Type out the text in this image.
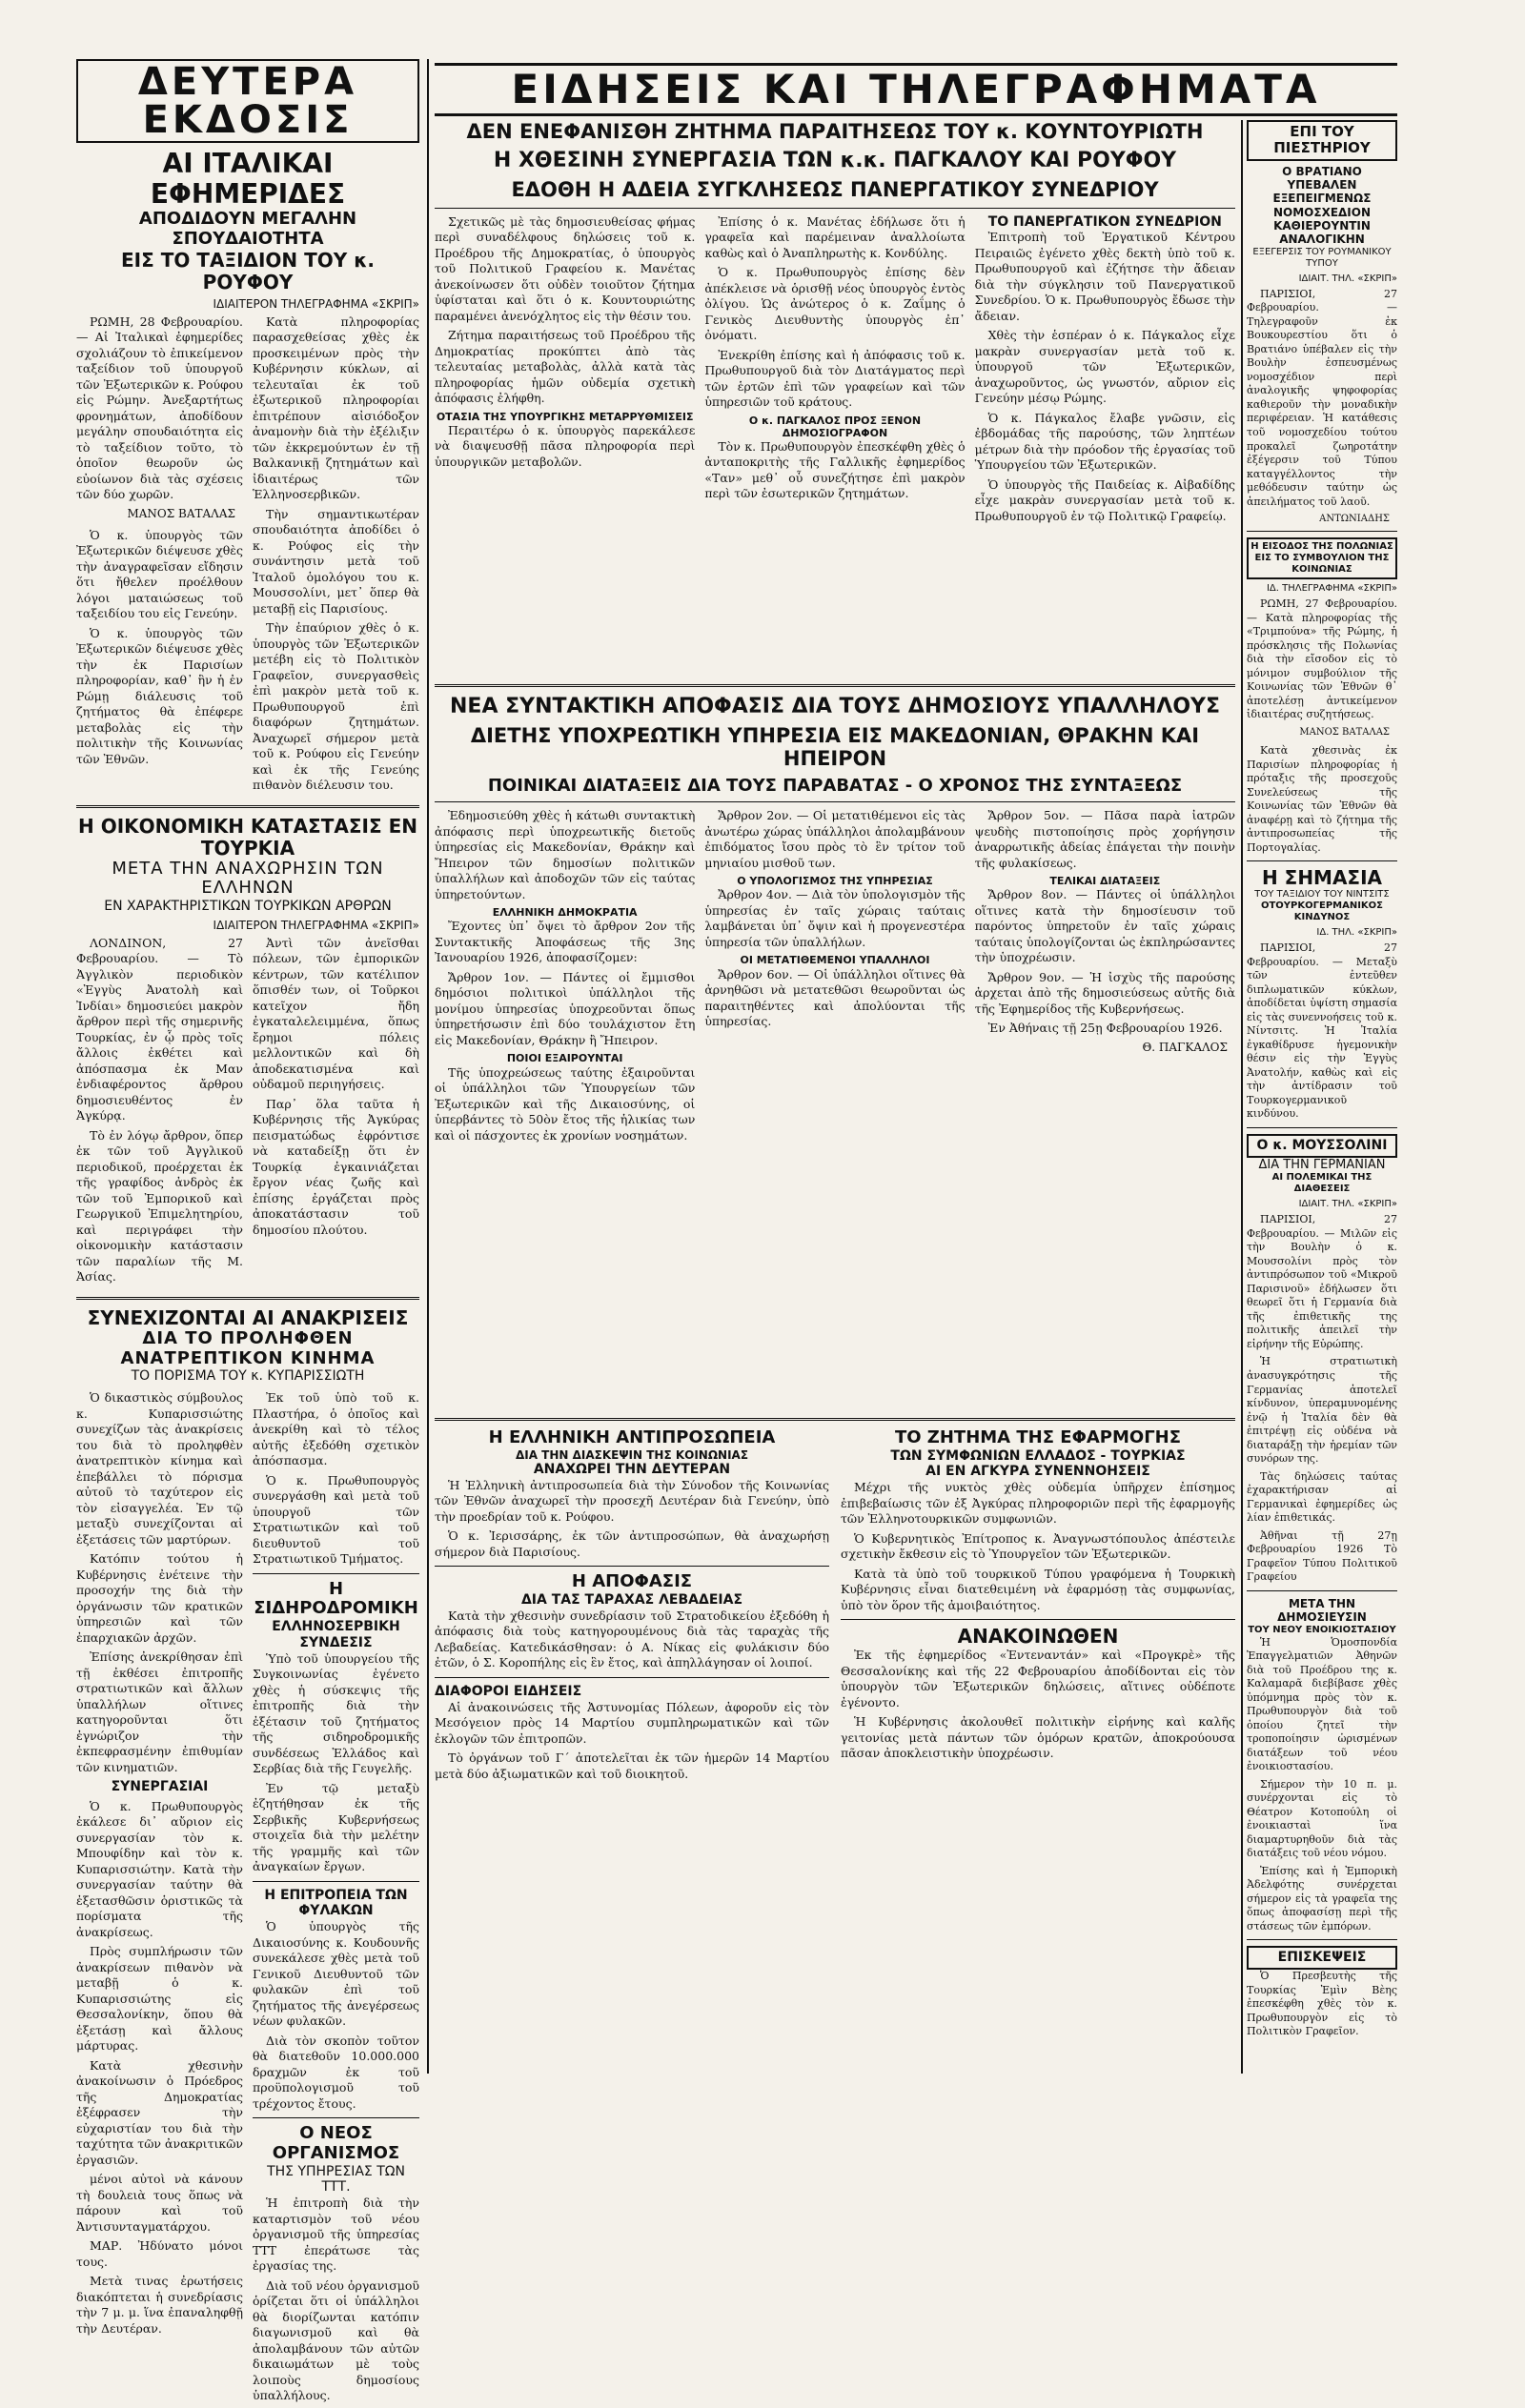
ΔΕΥΤΕΡΑ ΕΚΔΟΣΙΣ
ΑΙ ΙΤΑΛΙΚΑΙ ΕΦΗΜΕΡΙΔΕΣ
ΑΠΟΔΙΔΟΥΝ ΜΕΓΑΛΗΝ ΣΠΟΥΔΑΙΟΤΗΤΑ
ΕΙΣ ΤΟ ΤΑΞΙΔΙΟΝ ΤΟΥ κ. ΡΟΥΦΟΥ
ΙΔΙΑΙΤΕΡΟΝ ΤΗΛΕΓΡΑΦΗΜΑ «ΣΚΡΙΠ»

ΡΩΜΗ, 28 Φεβρουαρίου. — Αἱ Ἰταλικαὶ ἐφημερίδες σχολιάζουν τὸ ἐπικείμενον ταξείδιον τοῦ ὑπουργοῦ τῶν Ἐξωτερικῶν κ. Ρούφου εἰς Ρώμην. Ἀνεξαρτήτως φρονημάτων, ἀποδίδουν μεγάλην σπουδαιότητα εἰς τὸ ταξείδιον τοῦτο, τὸ ὁποῖον θεωροῦν ὡς εὐοίωνον διὰ τὰς σχέσεις τῶν δύο χωρῶν.

ΜΑΝΟΣ ΒΑΤΑΛΑΣ

Ὁ κ. ὑπουργὸς τῶν Ἐξωτερικῶν διέψευσε χθὲς τὴν ἀναγραφεῖσαν εἴδησιν ὅτι ἤθελεν προέλθουν λόγοι ματαιώσεως τοῦ ταξειδίου του εἰς Γενεύην.

Ὁ κ. ὑπουργὸς τῶν Ἐξωτερικῶν διέψευσε χθὲς τὴν ἐκ Παρισίων πληροφορίαν, καθ᾽ ἣν ἡ ἐν Ρώμῃ διάλευσις τοῦ ζητήματος θὰ ἐπέφερε μεταβολὰς εἰς τὴν πολιτικὴν τῆς Κοινωνίας τῶν Ἐθνῶν.

Κατὰ πληροφορίας παρασχεθείσας χθὲς ἐκ προσκειμένων πρὸς τὴν Κυβέρνησιν κύκλων, αἱ τελευταῖαι ἐκ τοῦ ἐξωτερικοῦ πληροφορίαι ἐπιτρέπουν αἰσιόδοξον ἀναμονὴν διὰ τὴν ἐξέλιξιν τῶν ἐκκρεμούντων ἐν τῇ Βαλκανικῇ ζητημάτων καὶ ἰδιαιτέρως τῶν Ἑλληνοσερβικῶν.

Τὴν σημαντικωτέραν σπουδαιότητα ἀποδίδει ὁ κ. Ρούφος εἰς τὴν συνάντησιν μετὰ τοῦ Ἰταλοῦ ὁμολόγου του κ. Μουσσολίνι, μετ᾽ ὅπερ θὰ μεταβῇ εἰς Παρισίους.

Τὴν ἑπαύριον χθὲς ὁ κ. ὑπουργὸς τῶν Ἐξωτερικῶν μετέβη εἰς τὸ Πολιτικὸν Γραφεῖον, συνεργασθεὶς ἐπὶ μακρὸν μετὰ τοῦ κ. Πρωθυπουργοῦ ἐπὶ διαφόρων ζητημάτων. Ἀναχωρεῖ σήμερον μετὰ τοῦ κ. Ρούφου εἰς Γενεύην καὶ ἐκ τῆς Γενεύης πιθανὸν διέλευσιν του.

Η ΟΙΚΟΝΟΜΙΚΗ ΚΑΤΑΣΤΑΣΙΣ ΕΝ ΤΟΥΡΚΙΑ
ΜΕΤΑ ΤΗΝ ΑΝΑΧΩΡΗΣΙΝ ΤΩΝ ΕΛΛΗΝΩΝ
ΕΝ ΧΑΡΑΚΤΗΡΙΣΤΙΚΩΝ ΤΟΥΡΚΙΚΩΝ ΑΡΘΡΩΝ
ΙΔΙΑΙΤΕΡΟΝ ΤΗΛΕΓΡΑΦΗΜΑ «ΣΚΡΙΠ»

ΛΟΝΔΙΝΟΝ, 27 Φεβρουαρίου. — Τὸ Ἀγγλικὸν περιοδικὸν «Ἐγγὺς Ἀνατολὴ καὶ Ἰνδίαι» δημοσιεύει μακρὸν ἄρθρον περὶ τῆς σημερινῆς Τουρκίας, ἐν ᾧ πρὸς τοῖς ἄλλοις ἐκθέτει καὶ ἀπόσπασμα ἐκ Μαν ἐνδιαφέροντος ἄρθρου δημοσιευθέντος ἐν Ἀγκύρᾳ.

Τὸ ἐν λόγῳ ἄρθρον, ὅπερ ἐκ τῶν τοῦ Ἀγγλικοῦ περιοδικοῦ, προέρχεται ἐκ τῆς γραφίδος ἀνδρὸς ἐκ τῶν τοῦ Ἐμπορικοῦ καὶ Γεωργικοῦ Ἐπιμελητηρίου, καὶ περιγράφει τὴν οἰκονομικὴν κατάστασιν τῶν παραλίων τῆς Μ. Ἀσίας.

Ἀντὶ τῶν ἀνεῖσθαι πόλεων, τῶν ἐμπορικῶν κέντρων, τῶν κατέλιπον ὅπισθέν των, οἱ Τοῦρκοι κατεῖχον ἤδη ἐγκαταλελειμμένα, ὅπως ἔρημοι πόλεις μελλοντικῶν καὶ δὴ ἀποδεκατισμένα καὶ οὐδαμοῦ περιηγήσεις.

Παρ᾽ ὅλα ταῦτα ἡ Κυβέρνησις τῆς Ἀγκύρας πεισματώδως ἐφρόντισε νὰ καταδείξῃ ὅτι ἐν Τουρκίᾳ ἐγκαινιάζεται ἔργον νέας ζωῆς καὶ ἐπίσης ἐργάζεται πρὸς ἀποκατάστασιν τοῦ δημοσίου πλούτου.

ΣΥΝΕΧΙΖΟΝΤΑΙ ΑΙ ΑΝΑΚΡΙΣΕΙΣ
ΔΙΑ ΤΟ ΠΡΟΛΗΦΘΕΝ ΑΝΑΤΡΕΠΤΙΚΟΝ ΚΙΝΗΜΑ
ΤΟ ΠΟΡΙΣΜΑ ΤΟΥ κ. ΚΥΠΑΡΙΣΣΙΩΤΗ

Ὁ δικαστικὸς σύμβουλος κ. Κυπαρισσιώτης συνεχίζων τὰς ἀνακρίσεις του διὰ τὸ προληφθὲν ἀνατρεπτικὸν κίνημα καὶ ἐπεβάλλει τὸ πόρισμα αὐτοῦ τὸ ταχύτερον εἰς τὸν εἰσαγγελέα. Ἐν τῷ μεταξὺ συνεχίζονται αἱ ἐξετάσεις τῶν μαρτύρων.

Κατόπιν τούτου ἡ Κυβέρνησις ἐνέτεινε τὴν προσοχήν της διὰ τὴν ὀργάνωσιν τῶν κρατικῶν ὑπηρεσιῶν καὶ τῶν ἐπαρχιακῶν ἀρχῶν.

Ἐπίσης ἀνεκρίθησαν ἐπὶ τῇ ἐκθέσει ἐπιτροπῆς στρατιωτικῶν καὶ ἄλλων ὑπαλλήλων οἵτινες κατηγοροῦνται ὅτι ἐγνώριζον τὴν ἐκπεφρασμένην ἐπιθυμίαν τῶν κινηματιῶν.

ΣΥΝΕΡΓΑΣΙΑΙ

Ὁ κ. Πρωθυπουργὸς ἐκάλεσε δι᾽ αὔριον εἰς συνεργασίαν τὸν κ. Μπουφίδην καὶ τὸν κ. Κυπαρισσιώτην. Κατὰ τὴν συνεργασίαν ταύτην θὰ ἐξετασθῶσιν ὁριστικῶς τὰ πορίσματα τῆς ἀνακρίσεως.

Πρὸς συμπλήρωσιν τῶν ἀνακρίσεων πιθανὸν νὰ μεταβῇ ὁ κ. Κυπαρισσιώτης εἰς Θεσσαλονίκην, ὅπου θὰ ἐξετάσῃ καὶ ἄλλους μάρτυρας.

Κατὰ χθεσινὴν ἀνακοίνωσιν ὁ Πρόεδρος τῆς Δημοκρατίας ἐξέφρασεν τὴν εὐχαριστίαν του διὰ τὴν ταχύτητα τῶν ἀνακριτικῶν ἐργασιῶν.

μένοι αὐτοὶ νὰ κάνουν τὴ δουλειὰ τους ὅπως νὰ πάρουν καὶ τοῦ Ἀντισυνταγματάρχου.

ΜΑΡ. Ἠδύνατο μόνοι τους.

Μετὰ τινας ἐρωτήσεις διακόπτεται ἡ συνεδρίασις τὴν 7 μ. μ. ἵνα ἐπαναληφθῇ τὴν Δευτέραν.

Ἐκ τοῦ ὑπὸ τοῦ κ. Πλαστήρα, ὁ ὁποῖος καὶ ἀνεκρίθη καὶ τὸ τέλος αὐτῆς ἐξεδόθη σχετικὸν ἀπόσπασμα.

Ὁ κ. Πρωθυπουργὸς συνεργάσθη καὶ μετὰ τοῦ ὑπουργοῦ τῶν Στρατιωτικῶν καὶ τοῦ διευθυντοῦ τοῦ Στρατιωτικοῦ Τμήματος.

Η ΣΙΔΗΡΟΔΡΟΜΙΚΗ
ΕΛΛΗΝΟΣΕΡΒΙΚΗ ΣΥΝΔΕΣΙΣ

Ὑπὸ τοῦ ὑπουργείου τῆς Συγκοινωνίας ἐγένετο χθὲς ἡ σύσκεψις τῆς ἐπιτροπῆς διὰ τὴν ἐξέτασιν τοῦ ζητήματος τῆς σιδηροδρομικῆς συνδέσεως Ἑλλάδος καὶ Σερβίας διὰ τῆς Γευγελῆς.

Ἐν τῷ μεταξὺ ἐζητήθησαν ἐκ τῆς Σερβικῆς Κυβερνήσεως στοιχεῖα διὰ τὴν μελέτην τῆς γραμμῆς καὶ τῶν ἀναγκαίων ἔργων.

Η ΕΠΙΤΡΟΠΕΙΑ ΤΩΝ ΦΥΛΑΚΩΝ

Ὁ ὑπουργὸς τῆς Δικαιοσύνης κ. Κουδουνῆς συνεκάλεσε χθὲς μετὰ τοῦ Γενικοῦ Διευθυντοῦ τῶν φυλακῶν ἐπὶ τοῦ ζητήματος τῆς ἀνεγέρσεως νέων φυλακῶν.

Διὰ τὸν σκοπὸν τοῦτον θὰ διατεθοῦν 10.000.000 δραχμῶν ἐκ τοῦ προϋπολογισμοῦ τοῦ τρέχοντος ἔτους.

Ο ΝΕΟΣ ΟΡΓΑΝΙΣΜΟΣ
ΤΗΣ ΥΠΗΡΕΣΙΑΣ ΤΩΝ ΤΤΤ.

Ἡ ἐπιτροπὴ διὰ τὴν καταρτισμὸν τοῦ νέου ὀργανισμοῦ τῆς ὑπηρεσίας ΤΤΤ ἐπεράτωσε τὰς ἐργασίας της.

Διὰ τοῦ νέου ὀργανισμοῦ ὁρίζεται ὅτι οἱ ὑπάλληλοι θὰ διορίζωνται κατόπιν διαγωνισμοῦ καὶ θὰ ἀπολαμβάνουν τῶν αὐτῶν δικαιωμάτων μὲ τοὺς λοιποὺς δημοσίους ὑπαλλήλους.

ΕΙΔΗΣΕΙΣ ΚΑΙ ΤΗΛΕΓΡΑΦΗΜΑΤΑ
ΔΕΝ ΕΝΕΦΑΝΙΣΘΗ ΖΗΤΗΜΑ ΠΑΡΑΙΤΗΣΕΩΣ ΤΟΥ κ. ΚΟΥΝΤΟΥΡΙΩΤΗ
Η ΧΘΕΣΙΝΗ ΣΥΝΕΡΓΑΣΙΑ ΤΩΝ κ.κ. ΠΑΓΚΑΛΟΥ ΚΑΙ ΡΟΥΦΟΥ
ΕΔΟΘΗ Η ΑΔΕΙΑ ΣΥΓΚΛΗΣΕΩΣ ΠΑΝΕΡΓΑΤΙΚΟΥ ΣΥΝΕΔΡΙΟΥ

Σχετικῶς μὲ τὰς δημοσιευθείσας φήμας περὶ συναδέλφους δηλώσεις τοῦ κ. Προέδρου τῆς Δημοκρατίας, ὁ ὑπουργὸς τοῦ Πολιτικοῦ Γραφείου κ. Μανέτας ἀνεκοίνωσεν ὅτι οὐδὲν τοιοῦτον ζήτημα ὑφίσταται καὶ ὅτι ὁ κ. Κουντουριώτης παραμένει ἀνενόχλητος εἰς τὴν θέσιν του.

Ζήτημα παραιτήσεως τοῦ Προέδρου τῆς Δημοκρατίας προκύπτει ἀπὸ τὰς τελευταίας μεταβολὰς, ἀλλὰ κατὰ τὰς πληροφορίας ἡμῶν οὐδεμία σχετικὴ ἀπόφασις ἐλήφθη.

ΟΤΑΣΙΑ ΤΗΣ ΥΠΟΥΡΓΙΚΗΣ ΜΕΤΑΡΡΥΘΜΙΣΕΙΣ

Περαιτέρω ὁ κ. ὑπουργὸς παρεκάλεσε νὰ διαψευσθῇ πᾶσα πληροφορία περὶ ὑπουργικῶν μεταβολῶν.

Ἐπίσης ὁ κ. Μανέτας ἐδήλωσε ὅτι ἡ γραφεῖα καὶ παρέμειναν ἀναλλοίωτα καθὼς καὶ ὁ Ἀναπληρωτὴς κ. Κονδύλης.

Ὁ κ. Πρωθυπουργὸς ἐπίσης δὲν ἀπέκλεισε νὰ ὁρισθῇ νέος ὑπουργὸς ἐντὸς ὀλίγου. Ὡς ἀνώτερος ὁ κ. Ζαΐμης ὁ Γενικὸς Διευθυντὴς ὑπουργὸς ἐπ᾽ ὀνόματι.

Ἐνεκρίθη ἐπίσης καὶ ἡ ἀπόφασις τοῦ κ. Πρωθυπουργοῦ διὰ τὸν Διατάγματος περὶ τῶν ἑρτῶν ἐπὶ τῶν γραφείων καὶ τῶν ὑπηρεσιῶν τοῦ κράτους.

Ο κ. ΠΑΓΚΑΛΟΣ ΠΡΟΣ ΞΕΝΟΝ ΔΗΜΟΣΙΟΓΡΑΦΟΝ

Τὸν κ. Πρωθυπουργὸν ἐπεσκέφθη χθὲς ὁ ἀνταποκριτὴς τῆς Γαλλικῆς ἐφημερίδος «Ταν» μεθ᾽ οὗ συνεζήτησε ἐπὶ μακρὸν περὶ τῶν ἐσωτερικῶν ζητημάτων.

ΤΟ ΠΑΝΕΡΓΑΤΙΚΟΝ ΣΥΝΕΔΡΙΟΝ

Ἐπιτροπὴ τοῦ Ἐργατικοῦ Κέντρου Πειραιῶς ἐγένετο χθὲς δεκτὴ ὑπὸ τοῦ κ. Πρωθυπουργοῦ καὶ ἐζήτησε τὴν ἄδειαν διὰ τὴν σύγκλησιν τοῦ Πανεργατικοῦ Συνεδρίου. Ὁ κ. Πρωθυπουργὸς ἔδωσε τὴν ἄδειαν.

Χθὲς τὴν ἑσπέραν ὁ κ. Πάγκαλος εἶχε μακρὰν συνεργασίαν μετὰ τοῦ κ. ὑπουργοῦ τῶν Ἐξωτερικῶν, ἀναχωροῦντος, ὡς γνωστόν, αὔριον εἰς Γενεύην μέσῳ Ρώμης.

Ὁ κ. Πάγκαλος ἔλαβε γνῶσιν, εἰς ἐβδομάδας τῆς παρούσης, τῶν ληπτέων μέτρων διὰ τὴν πρόοδον τῆς ἐργασίας τοῦ Ὑπουργείου τῶν Ἐξωτερικῶν.

Ὁ ὑπουργὸς τῆς Παιδείας κ. Αἰβαδίδης εἶχε μακρὰν συνεργασίαν μετὰ τοῦ κ. Πρωθυπουργοῦ ἐν τῷ Πολιτικῷ Γραφείῳ.

ΝΕΑ ΣΥΝΤΑΚΤΙΚΗ ΑΠΟΦΑΣΙΣ ΔΙΑ ΤΟΥΣ ΔΗΜΟΣΙΟΥΣ ΥΠΑΛΛΗΛΟΥΣ
ΔΙΕΤΗΣ ΥΠΟΧΡΕΩΤΙΚΗ ΥΠΗΡΕΣΙΑ ΕΙΣ ΜΑΚΕΔΟΝΙΑΝ, ΘΡΑΚΗΝ ΚΑΙ ΗΠΕΙΡΟΝ
ΠΟΙΝΙΚΑΙ ΔΙΑΤΑΞΕΙΣ ΔΙΑ ΤΟΥΣ ΠΑΡΑΒΑΤΑΣ - Ο ΧΡΟΝΟΣ ΤΗΣ ΣΥΝΤΑΞΕΩΣ

Ἐδημοσιεύθη χθὲς ἡ κάτωθι συντακτικὴ ἀπόφασις περὶ ὑποχρεωτικῆς διετοῦς ὑπηρεσίας εἰς Μακεδονίαν, Θράκην καὶ Ἤπειρον τῶν δημοσίων πολιτικῶν ὑπαλλήλων καὶ ἀποδοχῶν τῶν εἰς ταύτας ὑπηρετούντων.

ΕΛΛΗΝΙΚΗ ΔΗΜΟΚΡΑΤΙΑ

Ἔχοντες ὑπ᾽ ὄψει τὸ ἄρθρον 2ον τῆς Συντακτικῆς Ἀποφάσεως τῆς 3ης Ἰανουαρίου 1926, ἀποφασίζομεν:

Ἄρθρον 1ον. — Πάντες οἱ ἔμμισθοι δημόσιοι πολιτικοὶ ὑπάλληλοι τῆς μονίμου ὑπηρεσίας ὑποχρεοῦνται ὅπως ὑπηρετήσωσιν ἐπὶ δύο τουλάχιστον ἔτη εἰς Μακεδονίαν, Θράκην ἢ Ἤπειρον.

ΠΟΙΟΙ ΕΞΑΙΡΟΥΝΤΑΙ

Τῆς ὑποχρεώσεως ταύτης ἐξαιροῦνται οἱ ὑπάλληλοι τῶν Ὑπουργείων τῶν Ἐξωτερικῶν καὶ τῆς Δικαιοσύνης, οἱ ὑπερβάντες τὸ 50ὸν ἔτος τῆς ἡλικίας των καὶ οἱ πάσχοντες ἐκ χρονίων νοσημάτων.

Ἄρθρον 2ον. — Οἱ μετατιθέμενοι εἰς τὰς ἀνωτέρω χώρας ὑπάλληλοι ἀπολαμβάνουν ἐπιδόματος ἴσου πρὸς τὸ ἓν τρίτον τοῦ μηνιαίου μισθοῦ των.

Ο ΥΠΟΛΟΓΙΣΜΟΣ ΤΗΣ ΥΠΗΡΕΣΙΑΣ

Ἄρθρον 4ον. — Διὰ τὸν ὑπολογισμὸν τῆς ὑπηρεσίας ἐν ταῖς χώραις ταύταις λαμβάνεται ὑπ᾽ ὄψιν καὶ ἡ προγενεστέρα ὑπηρεσία τῶν ὑπαλλήλων.

ΟΙ ΜΕΤΑΤΙΘΕΜΕΝΟΙ ΥΠΑΛΛΗΛΟΙ

Ἄρθρον 6ον. — Οἱ ὑπάλληλοι οἵτινες θὰ ἀρνηθῶσι νὰ μετατεθῶσι θεωροῦνται ὡς παραιτηθέντες καὶ ἀπολύονται τῆς ὑπηρεσίας.

Ἄρθρον 5ον. — Πᾶσα παρὰ ἰατρῶν ψευδὴς πιστοποίησις πρὸς χορήγησιν ἀναρρωτικῆς ἀδείας ἐπάγεται τὴν ποινὴν τῆς φυλακίσεως.

ΤΕΛΙΚΑΙ ΔΙΑΤΑΞΕΙΣ

Ἄρθρον 8ον. — Πάντες οἱ ὑπάλληλοι οἵτινες κατὰ τὴν δημοσίευσιν τοῦ παρόντος ὑπηρετοῦν ἐν ταῖς χώραις ταύταις ὑπολογίζονται ὡς ἐκπληρώσαντες τὴν ὑποχρέωσιν.

Ἄρθρον 9ον. — Ἡ ἰσχὺς τῆς παρούσης ἀρχεται ἀπὸ τῆς δημοσιεύσεως αὐτῆς διὰ τῆς Ἐφημερίδος τῆς Κυβερνήσεως.

Ἐν Ἀθήναις τῇ 25ῃ Φεβρουαρίου 1926.

Θ. ΠΑΓΚΑΛΟΣ
Η ΕΛΛΗΝΙΚΗ ΑΝΤΙΠΡΟΣΩΠΕΙΑ
ΔΙΑ ΤΗΝ ΔΙΑΣΚΕΨΙΝ ΤΗΣ ΚΟΙΝΩΝΙΑΣ
ΑΝΑΧΩΡΕΙ ΤΗΝ ΔΕΥΤΕΡΑΝ

Ἡ Ἑλληνικὴ ἀντιπροσωπεία διὰ τὴν Σύνοδον τῆς Κοινωνίας τῶν Ἐθνῶν ἀναχωρεῖ τὴν προσεχῆ Δευτέραν διὰ Γενεύην, ὑπὸ τὴν προεδρίαν τοῦ κ. Ρούφου.

Ὁ κ. Ἰερισσάρης, ἐκ τῶν ἀντιπροσώπων, θὰ ἀναχωρήσῃ σήμερον διὰ Παρισίους.

Η ΑΠΟΦΑΣΙΣ
ΔΙΑ ΤΑΣ ΤΑΡΑΧΑΣ ΛΕΒΑΔΕΙΑΣ

Κατὰ τὴν χθεσινὴν συνεδρίασιν τοῦ Στρατοδικείου ἐξεδόθη ἡ ἀπόφασις διὰ τοὺς κατηγορουμένους διὰ τὰς ταραχὰς τῆς Λεβαδείας. Κατεδικάσθησαν: ὁ Α. Νίκας εἰς φυλάκισιν δύο ἐτῶν, ὁ Σ. Κοροπήλης εἰς ἓν ἔτος, καὶ ἀπηλλάγησαν οἱ λοιποί.

ΔΙΑΦΟΡΟΙ ΕΙΔΗΣΕΙΣ

Αἱ ἀνακοινώσεις τῆς Ἀστυνομίας Πόλεων, ἀφοροῦν εἰς τὸν Μεσόγειον πρὸς 14 Μαρτίου συμπληρωματικῶν καὶ τῶν ἐκλογῶν τῶν ἐπιτροπῶν.

Τὸ ὀργάνων τοῦ Γ΄ ἀποτελεῖται ἐκ τῶν ἡμερῶν 14 Μαρτίου μετὰ δύο ἀξιωματικῶν καὶ τοῦ διοικητοῦ.

ΤΟ ΖΗΤΗΜΑ ΤΗΣ ΕΦΑΡΜΟΓΗΣ
ΤΩΝ ΣΥΜΦΩΝΙΩΝ ΕΛΛΑΔΟΣ - ΤΟΥΡΚΙΑΣ
ΑΙ ΕΝ ΑΓΚΥΡΑ ΣΥΝΕΝΝΟΗΣΕΙΣ

Μέχρι τῆς νυκτὸς χθὲς οὐδεμία ὑπῆρχεν ἐπίσημος ἐπιβεβαίωσις τῶν ἐξ Ἀγκύρας πληροφοριῶν περὶ τῆς ἐφαρμογῆς τῶν Ἑλληνοτουρκικῶν συμφωνιῶν.

Ὁ Κυβερνητικὸς Ἐπίτροπος κ. Ἀναγνωστόπουλος ἀπέστειλε σχετικὴν ἔκθεσιν εἰς τὸ Ὑπουργεῖον τῶν Ἐξωτερικῶν.

Κατὰ τὰ ὑπὸ τοῦ τουρκικοῦ Τύπου γραφόμενα ἡ Τουρκικὴ Κυβέρνησις εἶναι διατεθειμένη νὰ ἐφαρμόσῃ τὰς συμφωνίας, ὑπὸ τὸν ὅρον τῆς ἀμοιβαιότητος.

ΑΝΑΚΟΙΝΩΘΕΝ

Ἐκ τῆς ἐφημερίδος «Ἐντεναντάν» καὶ «Προγκρὲ» τῆς Θεσσαλονίκης καὶ τῆς 22 Φεβρουαρίου ἀποδίδονται εἰς τὸν ὑπουργὸν τῶν Ἐξωτερικῶν δηλώσεις, αἵτινες οὐδέποτε ἐγένοντο.

Ἡ Κυβέρνησις ἀκολουθεῖ πολιτικὴν εἰρήνης καὶ καλῆς γειτονίας μετὰ πάντων τῶν ὁμόρων κρατῶν, ἀποκρούουσα πᾶσαν ἀποκλειστικὴν ὑποχρέωσιν.

ΕΠΙ ΤΟΥ ΠΙΕΣΤΗΡΙΟΥ
Ο ΒΡΑΤΙΑΝΟ ΥΠΕΒΑΛΕΝ ΕΞΕΠΕΙΓΜΕΝΩΣ ΝΟΜΟΣΧΕΔΙΟΝ ΚΑΘΙΕΡΟΥΝΤΙΝ ΑΝΑΛΟΓΙΚΗΝ
ΕΞΕΓΕΡΣΙΣ ΤΟΥ ΡΟΥΜΑΝΙΚΟΥ ΤΥΠΟΥ
ΙΔΙΑΙΤ. ΤΗΛ. «ΣΚΡΙΠ»

ΠΑΡΙΣΙΟΙ, 27 Φεβρουαρίου. — Τηλεγραφοῦν ἐκ Βουκουρεστίου ὅτι ὁ Βρατιάνο ὑπέβαλεν εἰς τὴν Βουλὴν ἐσπευσμένως νομοσχέδιον περὶ ἀναλογικῆς ψηφοφορίας καθιεροῦν τὴν μοναδικὴν περιφέρειαν. Ἡ κατάθεσις τοῦ νομοσχεδίου τούτου προκαλεῖ ζωηροτάτην ἐξέγερσιν τοῦ Τύπου καταγγέλλοντος τὴν μεθόδευσιν ταύτην ὡς ἀπειλήματος τοῦ λαοῦ.

ΑΝΤΩΝΙΑΔΗΣ
Η ΕΙΣΟΔΟΣ ΤΗΣ ΠΟΛΩΝΙΑΣ ΕΙΣ ΤΟ ΣΥΜΒΟΥΛΙΟΝ ΤΗΣ ΚΟΙΝΩΝΙΑΣ
ΙΔ. ΤΗΛΕΓΡΑΦΗΜΑ «ΣΚΡΙΠ»

ΡΩΜΗ, 27 Φεβρουαρίου. — Κατὰ πληροφορίας τῆς «Τριμπούνα» τῆς Ρώμης, ἡ πρόσκλησις τῆς Πολωνίας διὰ τὴν εἴσοδον εἰς τὸ μόνιμον συμβούλιον τῆς Κοινωνίας τῶν Ἐθνῶν θ᾽ ἀποτελέσῃ ἀντικείμενον ἰδιαιτέρας συζητήσεως.

ΜΑΝΟΣ ΒΑΤΑΛΑΣ

Κατὰ χθεσινὰς ἐκ Παρισίων πληροφορίας ἡ πρόταξις τῆς προσεχοῦς Συνελεύσεως τῆς Κοινωνίας τῶν Ἐθνῶν θὰ ἀναφέρῃ καὶ τὸ ζήτημα τῆς ἀντιπροσωπείας τῆς Πορτογαλίας.

Η ΣΗΜΑΣΙΑ
ΤΟΥ ΤΑΞΙΔΙΟΥ ΤΟΥ ΝΙΝΤΣΙΤΣ
ΟΤΟΥΡΚΟΓΕΡΜΑΝΙΚΟΣ ΚΙΝΔΥΝΟΣ
ΙΔ. ΤΗΛ. «ΣΚΡΙΠ»

ΠΑΡΙΣΙΟΙ, 27 Φεβρουαρίου. — Μεταξὺ τῶν ἐντεῦθεν διπλωματικῶν κύκλων, ἀποδίδεται ὑψίστη σημασία εἰς τὰς συνεννοήσεις τοῦ κ. Νίντσιτς. Ἡ Ἰταλία ἐγκαθίδρυσε ἡγεμονικὴν θέσιν εἰς τὴν Ἐγγὺς Ἀνατολήν, καθὼς καὶ εἰς τὴν ἀντίδρασιν τοῦ Τουρκογερμανικοῦ κινδύνου.

Ο κ. ΜΟΥΣΣΟΛΙΝΙ
ΔΙΑ ΤΗΝ ΓΕΡΜΑΝΙΑΝ
ΑΙ ΠΟΛΕΜΙΚΑΙ ΤΗΣ ΔΙΑΘΕΣΕΙΣ
ΙΔΙΑΙΤ. ΤΗΛ. «ΣΚΡΙΠ»

ΠΑΡΙΣΙΟΙ, 27 Φεβρουαρίου. — Μιλῶν εἰς τὴν Βουλὴν ὁ κ. Μουσσολίνι πρὸς τὸν ἀντιπρόσωπον τοῦ «Μικροῦ Παρισινοῦ» ἐδήλωσεν ὅτι θεωρεῖ ὅτι ἡ Γερμανία διὰ τῆς ἐπιθετικῆς της πολιτικῆς ἀπειλεῖ τὴν εἰρήνην τῆς Εὐρώπης.

Ἡ στρατιωτικὴ ἀνασυγκρότησις τῆς Γερμανίας ἀποτελεῖ κίνδυνον, ὑπεραμυνομένης ἐνῷ ἡ Ἰταλία δὲν θὰ ἐπιτρέψῃ εἰς οὐδένα νὰ διαταράξῃ τὴν ἠρεμίαν τῶν συνόρων της.

Τὰς δηλώσεις ταύτας ἐχαρακτήρισαν αἱ Γερμανικαὶ ἐφημερίδες ὡς λίαν ἐπιθετικάς.

Ἀθῆναι τῇ 27ῃ Φεβρουαρίου 1926 Τὸ Γραφεῖον Τύπου Πολιτικοῦ Γραφείου

ΜΕΤΑ ΤΗΝ ΔΗΜΟΣΙΕΥΣΙΝ
ΤΟΥ ΝΕΟΥ ΕΝΟΙΚΙΟΣΤΑΣΙΟΥ

Ἡ Ὁμοσπονδία Ἐπαγγελματιῶν Ἀθηνῶν διὰ τοῦ Προέδρου της κ. Καλαμαρᾶ διεβίβασε χθὲς ὑπόμνημα πρὸς τὸν κ. Πρωθυπουργὸν διὰ τοῦ ὁποίου ζητεῖ τὴν τροποποίησιν ὡρισμένων διατάξεων τοῦ νέου ἐνοικιοστασίου.

Σήμερον τὴν 10 π. μ. συνέρχονται εἰς τὸ Θέατρον Κοτοπούλη οἱ ἐνοικιασταὶ ἵνα διαμαρτυρηθοῦν διὰ τὰς διατάξεις τοῦ νέου νόμου.

Ἐπίσης καὶ ἡ Ἐμπορικὴ Ἀδελφότης συνέρχεται σήμερον εἰς τὰ γραφεῖα της ὅπως ἀποφασίσῃ περὶ τῆς στάσεως τῶν ἐμπόρων.

ΕΠΙΣΚΕΨΕΙΣ

Ὁ Πρεσβευτὴς τῆς Τουρκίας Ἐμὶν Βὲης ἐπεσκέφθη χθὲς τὸν κ. Πρωθυπουργὸν εἰς τὸ Πολιτικὸν Γραφεῖον.
